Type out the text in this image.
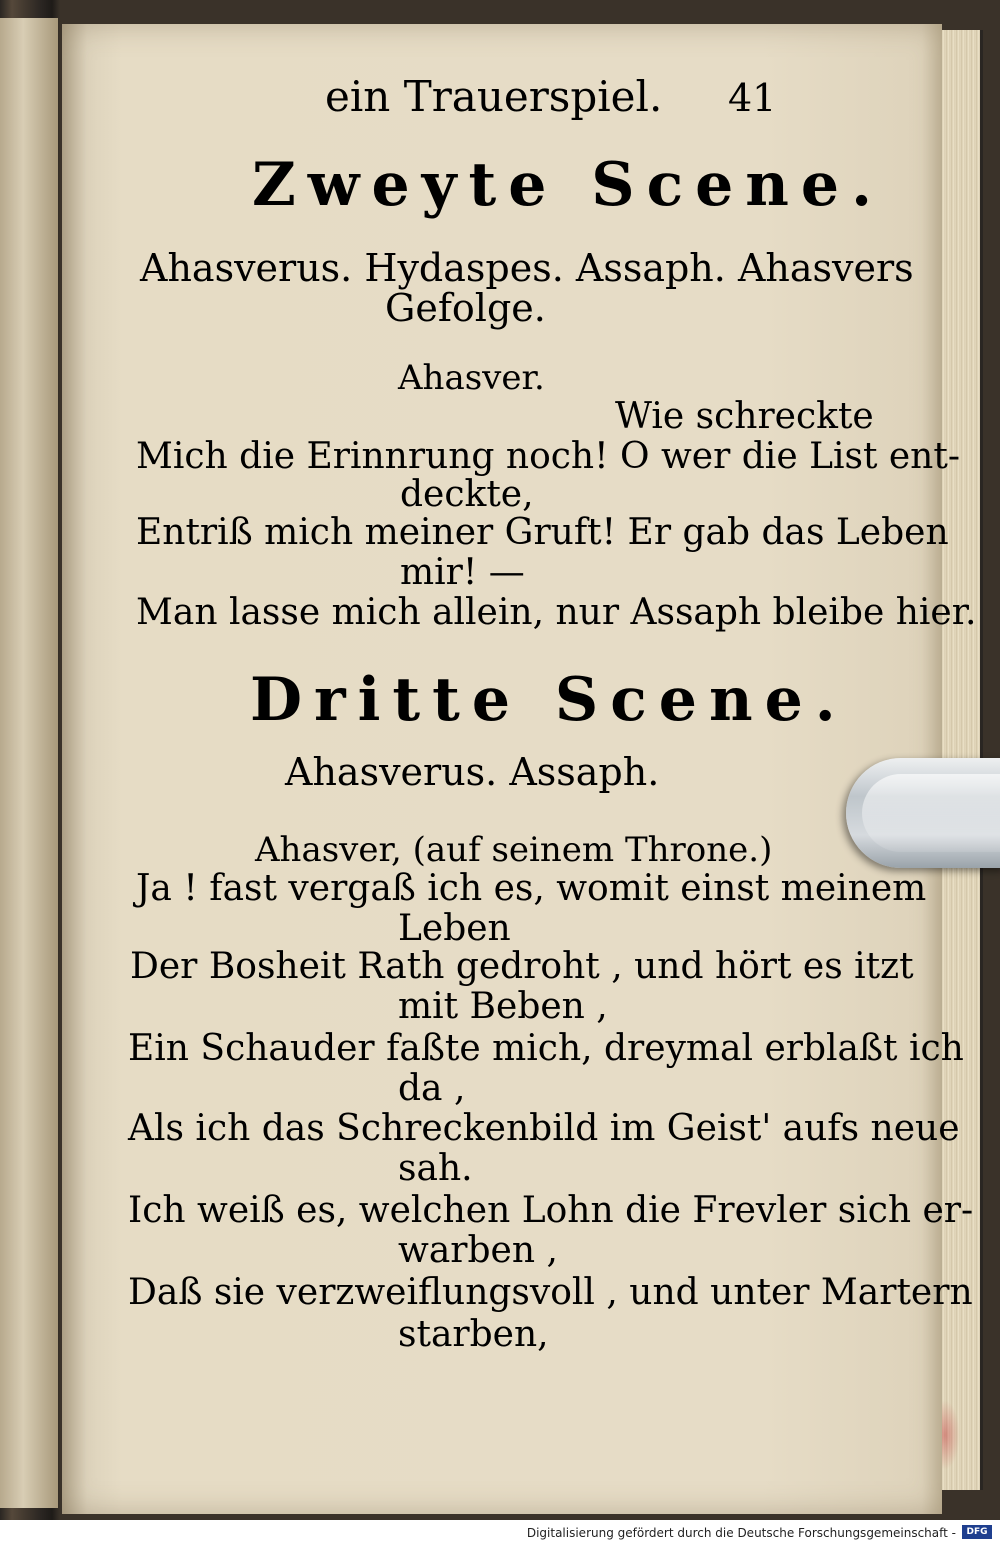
ein Trauerspiel. 41
Zweyte Scene.
Ahasverus. Hydaspes. Assaph. Ahasvers
Gefolge.
Ahasver.
Wie schreckte
Mich die Erinnrung noch! O wer die List ent-
deckte,
Entriß mich meiner Gruft! Er gab das Leben
mir! —
Man lasse mich allein, nur Assaph bleibe hier.
Dritte Scene.
Ahasverus. Assaph.
Ahasver, (auf seinem Throne.)
Ja ! fast vergaß ich es, womit einst meinem
Leben
Der Bosheit Rath gedroht , und hört es itzt
mit Beben ,
Ein Schauder faßte mich, dreymal erblaßt ich
da ,
Als ich das Schreckenbild im Geist' aufs neue
sah.
Ich weiß es, welchen Lohn die Frevler sich er-
warben ,
Daß sie verzweiflungsvoll , und unter Martern
starben,
Digitalisierung gefördert durch die Deutsche Forschungsgemeinschaft -	DFG
